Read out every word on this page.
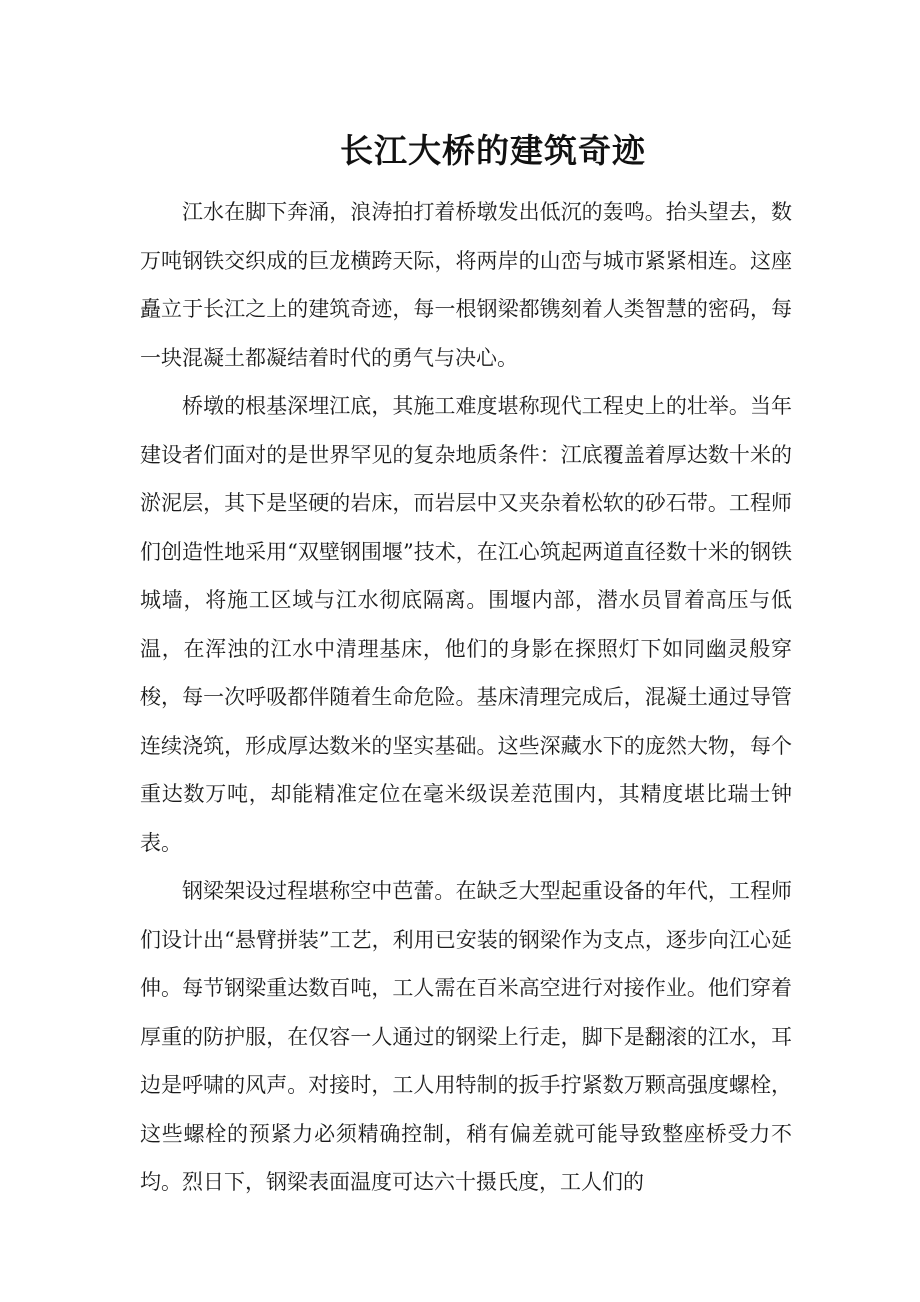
长江大桥的建筑奇迹

江水在脚下奔涌，浪涛拍打着桥墩发出低沉的轰鸣。抬头望去，数万吨钢铁交织成的巨龙横跨天际，将两岸的山峦与城市紧紧相连。这座矗立于长江之上的建筑奇迹，每一根钢梁都镌刻着人类智慧的密码，每一块混凝土都凝结着时代的勇气与决心。

桥墩的根基深埋江底，其施工难度堪称现代工程史上的壮举。当年建设者们面对的是世界罕见的复杂地质条件：江底覆盖着厚达数十米的淤泥层，其下是坚硬的岩床，而岩层中又夹杂着松软的砂石带。工程师们创造性地采用“双壁钢围堰”技术，在江心筑起两道直径数十米的钢铁城墙，将施工区域与江水彻底隔离。围堰内部，潜水员冒着高压与低温，在浑浊的江水中清理基床，他们的身影在探照灯下如同幽灵般穿梭，每一次呼吸都伴随着生命危险。基床清理完成后，混凝土通过导管连续浇筑，形成厚达数米的坚实基础。这些深藏水下的庞然大物，每个重达数万吨，却能精准定位在毫米级误差范围内，其精度堪比瑞士钟表。

钢梁架设过程堪称空中芭蕾。在缺乏大型起重设备的年代，工程师们设计出“悬臂拼装”工艺，利用已安装的钢梁作为支点，逐步向江心延伸。每节钢梁重达数百吨，工人需在百米高空进行对接作业。他们穿着厚重的防护服，在仅容一人通过的钢梁上行走，脚下是翻滚的江水，耳边是呼啸的风声。对接时，工人用特制的扳手拧紧数万颗高强度螺栓，这些螺栓的预紧力必须精确控制，稍有偏差就可能导致整座桥受力不均。烈日下，钢梁表面温度可达六十摄氏度，工人们的
